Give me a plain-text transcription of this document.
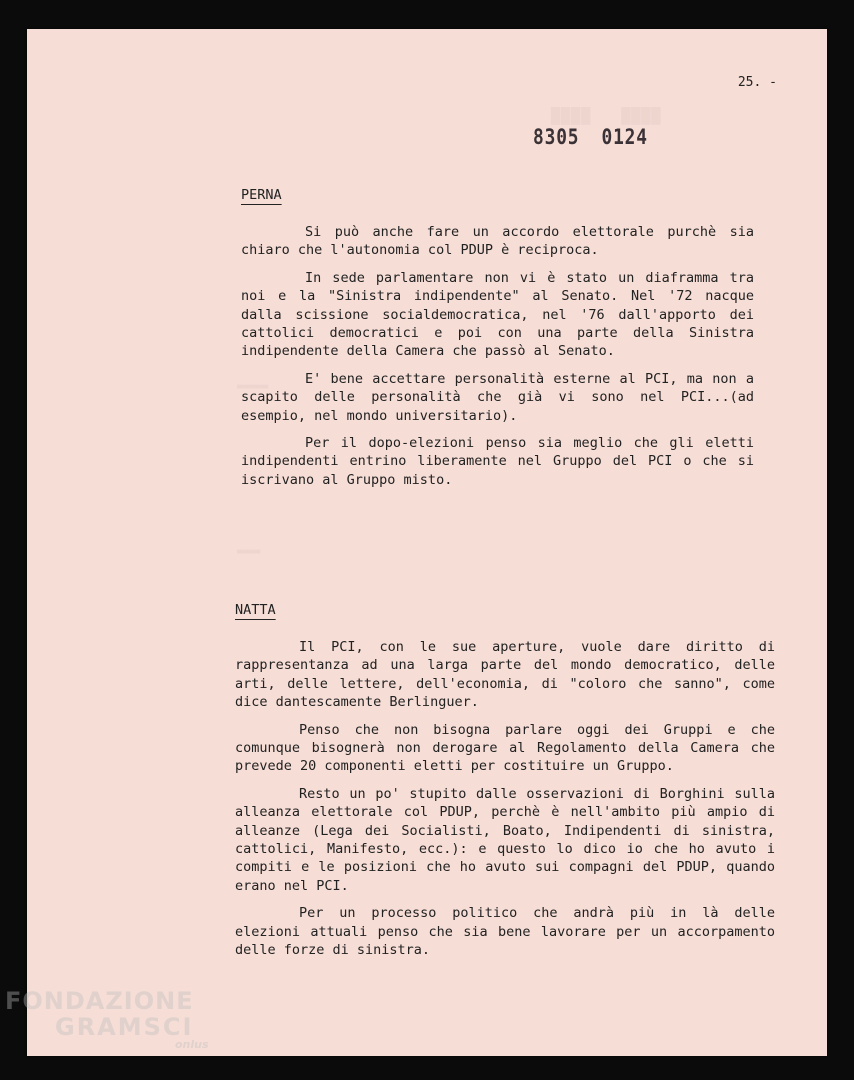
████   ████
▬▬▬▬
▬▬▬
25. -
8305 0124
PERNA

Si può anche fare un accordo elettorale purchè sia chiaro che l'autonomia col PDUP è reciproca.

In sede parlamentare non vi è stato un diaframma tra noi e la "Sinistra indipendente" al Senato. Nel '72 nacque dalla scissione socialdemocratica, nel '76 dall'apporto dei cattolici democratici e poi con una parte della Sinistra indipendente della Camera che passò al Senato.

E' bene accettare personalità esterne al PCI, ma non a scapito delle personalità che già vi sono nel PCI...(ad esempio, nel mondo universitario).

Per il dopo-elezioni penso sia meglio che gli eletti indipendenti entrino liberamente nel Gruppo del PCI o che si iscrivano al Gruppo misto.

NATTA

Il PCI, con le sue aperture, vuole dare diritto di rappresentanza ad una larga parte del mondo democratico, delle arti, delle lettere, dell'economia, di "coloro che sanno", come dice dantescamente Berlinguer.

Penso che non bisogna parlare oggi dei Gruppi e che comunque bisognerà non derogare al Regolamento della Camera che prevede 20 componenti eletti per costituire un Gruppo.

Resto un po' stupito dalle osservazioni di Borghini sulla alleanza elettorale col PDUP, perchè è nell'ambito più ampio di alleanze (Lega dei Socialisti, Boato, Indipendenti di sinistra, cattolici, Manifesto, ecc.): e questo lo dico io che ho avuto i compiti e le posizioni che ho avuto sui compagni del PDUP, quando erano nel PCI.

Per un processo politico che andrà più in là delle elezioni attuali penso che sia bene lavorare per un accorpamento delle forze di sinistra.

FONDAZIONE
GRAMSCI
onlus
